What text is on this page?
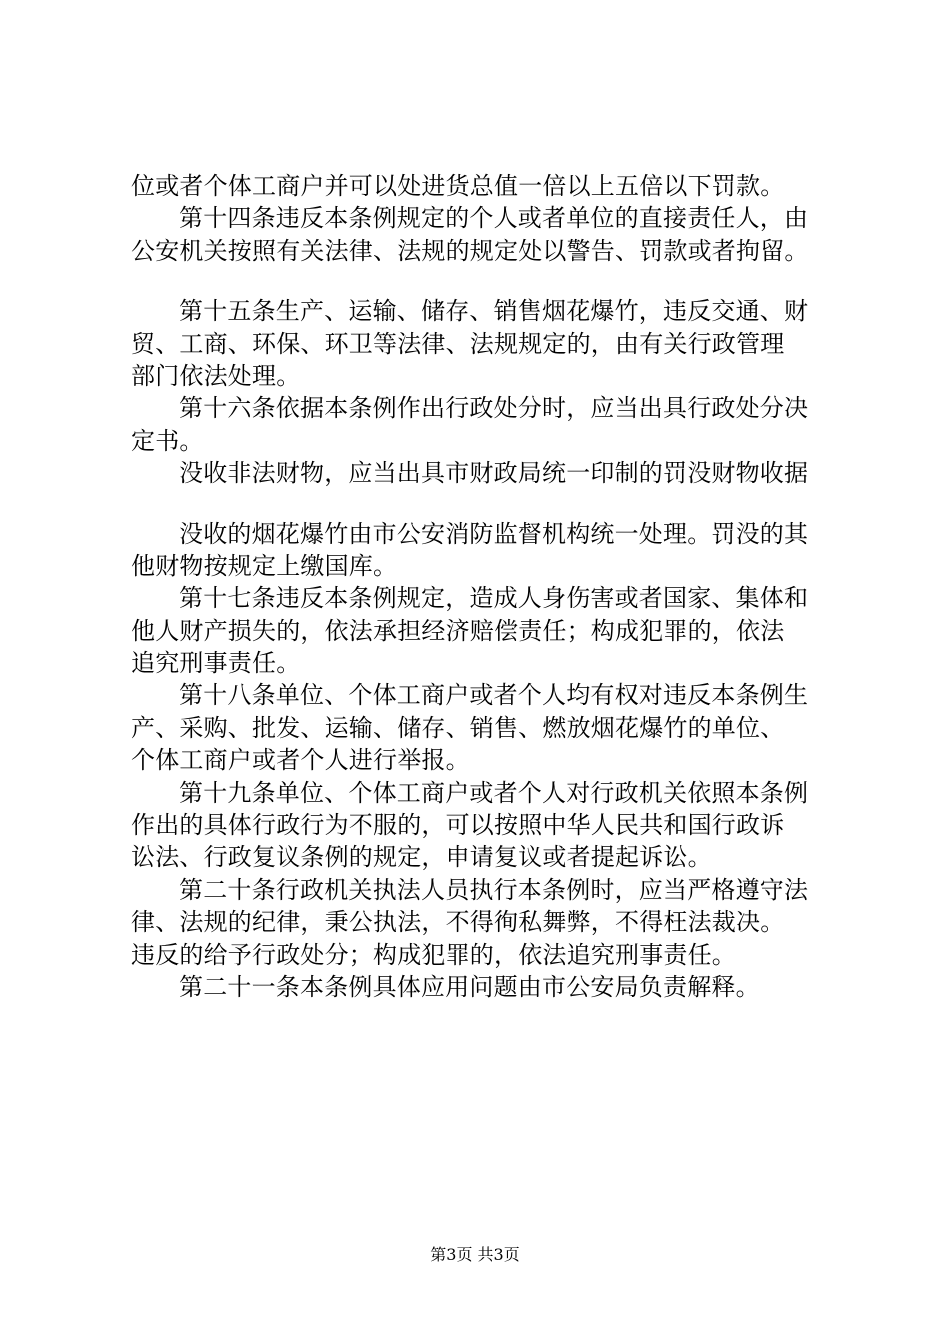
位或者个体工商户并可以处进货总值一倍以上五倍以下罚款。
第十四条违反本条例规定的个人或者单位的直接责任人，由
公安机关按照有关法律、法规的规定处以警告、罚款或者拘留。
第十五条生产、运输、储存、销售烟花爆竹，违反交通、财
贸、工商、环保、环卫等法律、法规规定的，由有关行政管理
部门依法处理。
第十六条依据本条例作出行政处分时，应当出具行政处分决
定书。
没收非法财物，应当出具市财政局统一印制的罚没财物收据
没收的烟花爆竹由市公安消防监督机构统一处理。罚没的其
他财物按规定上缴国库。
第十七条违反本条例规定，造成人身伤害或者国家、集体和
他人财产损失的，依法承担经济赔偿责任；构成犯罪的，依法
追究刑事责任。
第十八条单位、个体工商户或者个人均有权对违反本条例生
产、采购、批发、运输、储存、销售、燃放烟花爆竹的单位、
个体工商户或者个人进行举报。
第十九条单位、个体工商户或者个人对行政机关依照本条例
作出的具体行政行为不服的，可以按照中华人民共和国行政诉
讼法、行政复议条例的规定，申请复议或者提起诉讼。
第二十条行政机关执法人员执行本条例时，应当严格遵守法
律、法规的纪律，秉公执法，不得徇私舞弊，不得枉法裁决。
违反的给予行政处分；构成犯罪的，依法追究刑事责任。
第二十一条本条例具体应用问题由市公安局负责解释。
第3页 共3页
